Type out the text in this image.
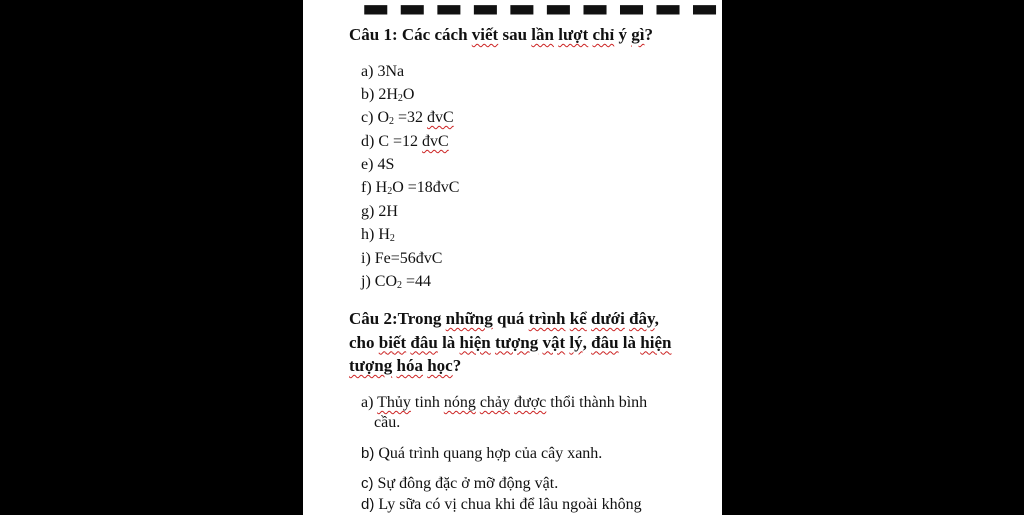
Câu 1: Các cách viết sau lần lượt chỉ ý gì?
a) 3Na
b) $2H_2O$
c) $O_2 =32$ đvC
d) C =12 đvC
e) 4S
f) $H_2O$ =18đvC
g) 2H
h) $H_2$
i) Fe=56đvC
j) $CO_2 =44$
Câu 2:Trong những quá trình kể dưới đây,
cho biết đâu là hiện tượng vật lý, đâu là hiện
tượng hóa học?
a) Thủy tinh nóng chảy được thổi thành bình
cầu.
b) Quá trình quang hợp của cây xanh.
c) Sự đông đặc ở mỡ động vật.
d) Ly sữa có vị chua khi để lâu ngoài không
